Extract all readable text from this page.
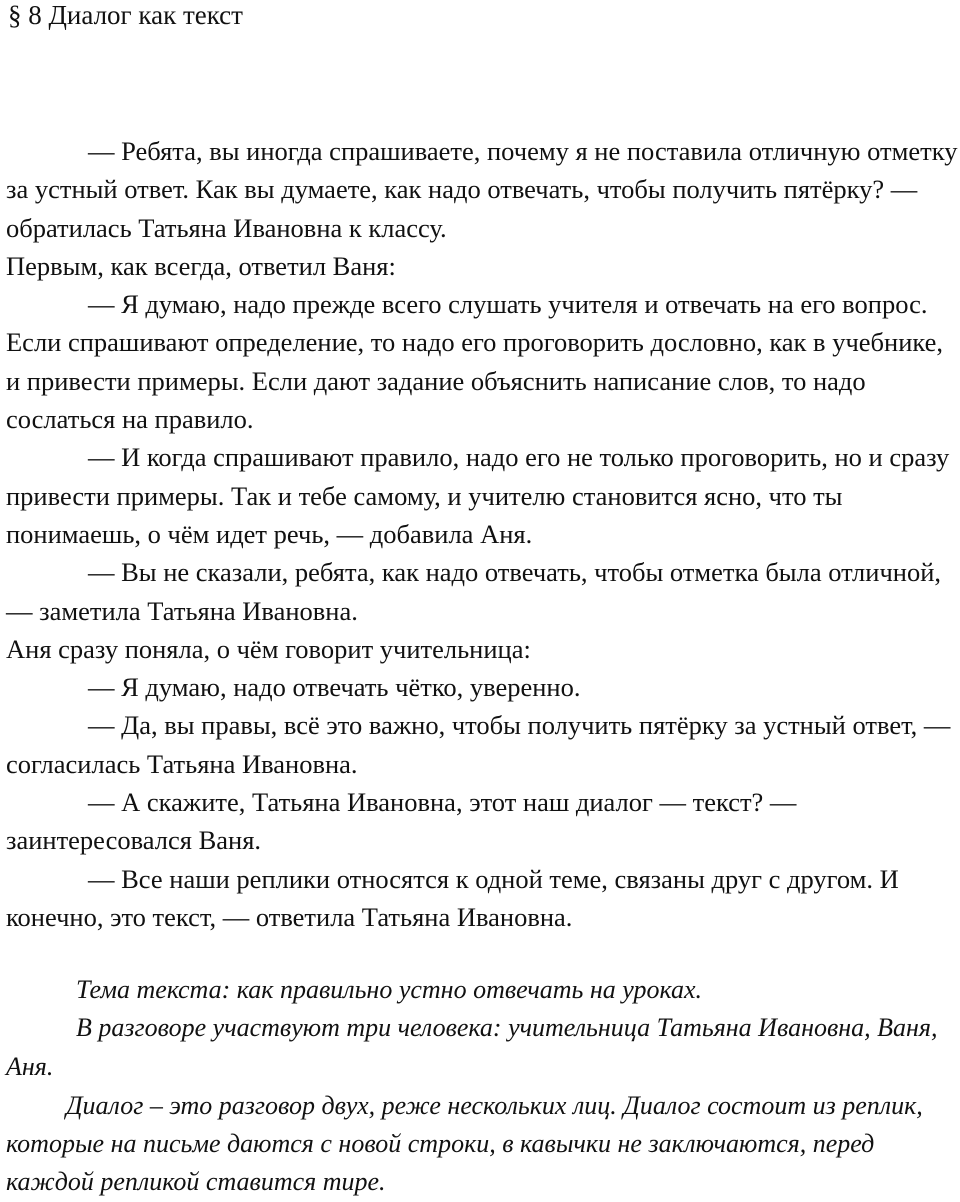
§ 8 Диалог как текст

— Ребята, вы иногда спрашиваете, почему я не поставила отличную отметку за устный ответ. Как вы думаете, как надо отвечать, чтобы получить пятёрку? — обратилась Татьяна Ивановна к классу.

Первым, как всегда, ответил Ваня:

— Я думаю, надо прежде всего слушать учителя и отвечать на его вопрос. Если спрашивают определение, то надо его проговорить дословно, как в учебнике, и привести примеры. Если дают задание объяснить написание слов, то надо сослаться на правило.

— И когда спрашивают правило, надо его не только проговорить, но и сразу привести примеры. Так и тебе самому, и учителю становится ясно, что ты понимаешь, о чём идет речь, — добавила Аня.

— Вы не сказали, ребята, как надо отвечать, чтобы отметка была отличной, — заметила Татьяна Ивановна.

Аня сразу поняла, о чём говорит учительница:

— Я думаю, надо отвечать чётко, уверенно.

— Да, вы правы, всё это важно, чтобы получить пятёрку за устный ответ, — согласилась Татьяна Ивановна.

— А скажите, Татьяна Ивановна, этот наш диалог — текст? — заинтересовался Ваня.

— Все наши реплики относятся к одной теме, связаны друг с другом. И конечно, это текст, — ответила Татьяна Ивановна.

Тема текста: как правильно устно отвечать на уроках.

В разговоре участвуют три человека: учительница Татьяна Ивановна, Ваня, Аня.

Диалог – это разговор двух, реже нескольких лиц. Диалог состоит из реплик, которые на письме даются с новой строки, в кавычки не заключаются, перед каждой репликой ставится тире.
